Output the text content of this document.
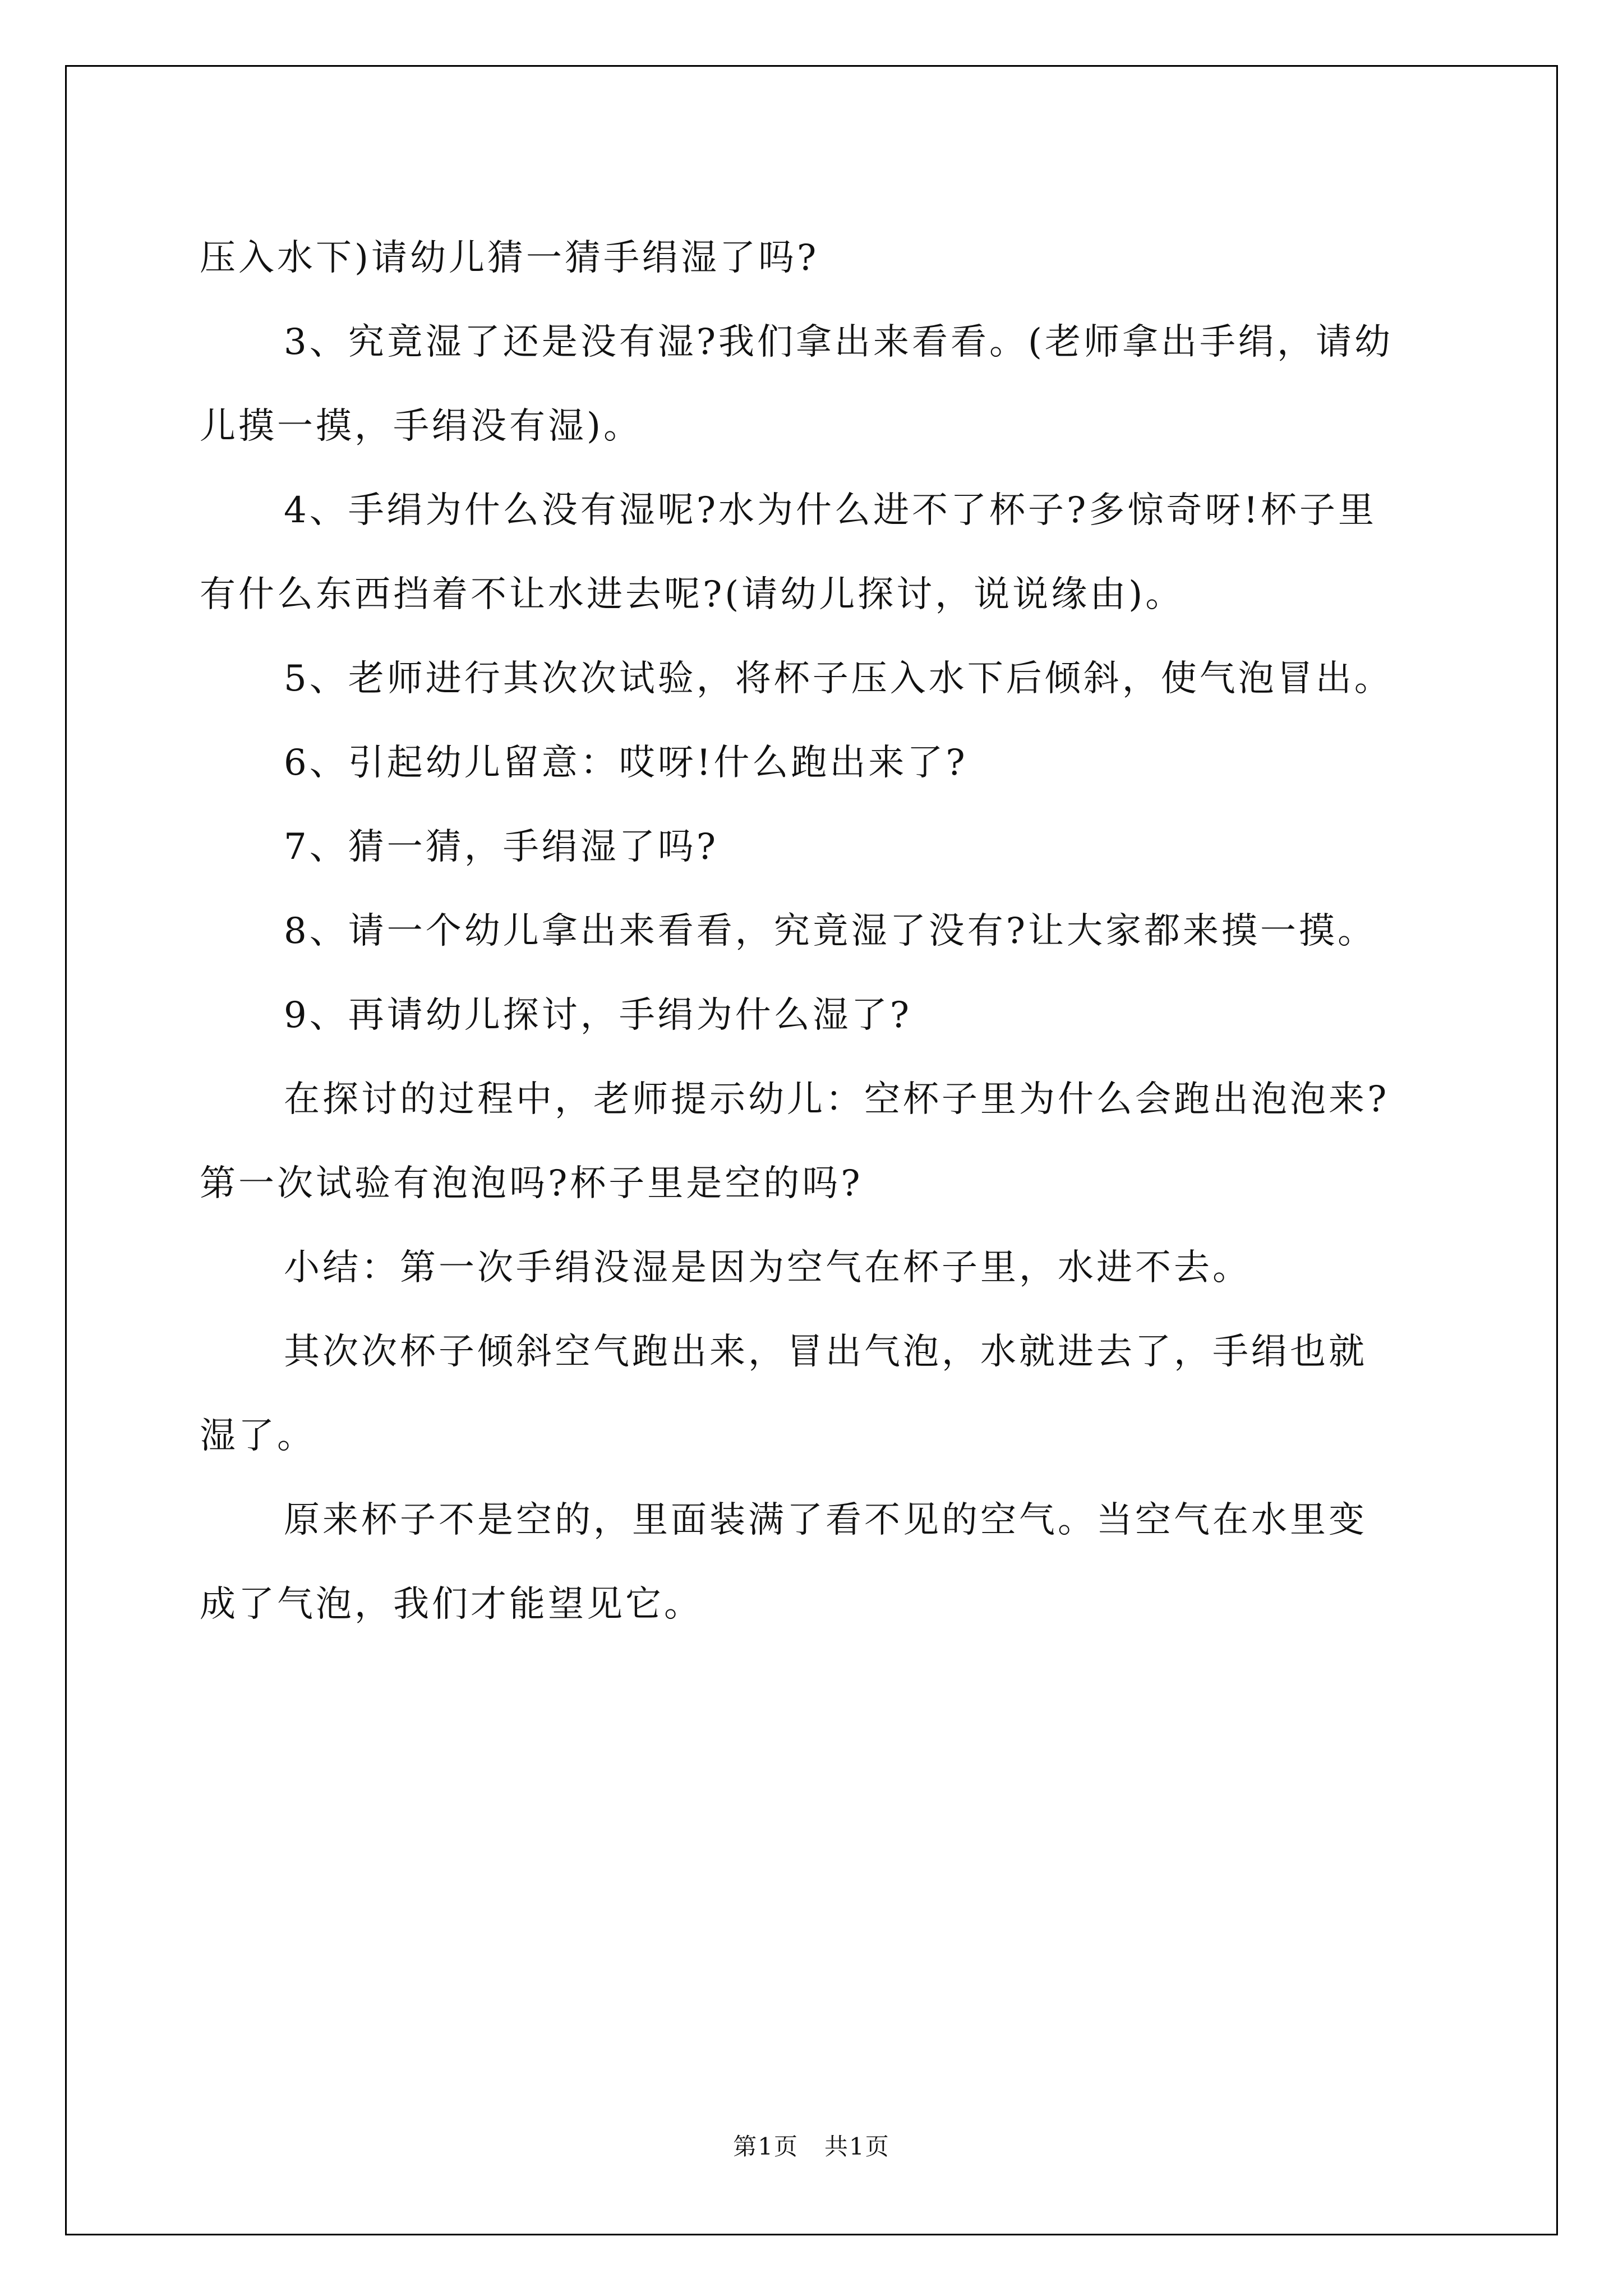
压入水下)请幼儿猜一猜手绢湿了吗?

3、究竟湿了还是没有湿?我们拿出来看看。(老师拿出手绢，请幼

儿摸一摸，手绢没有湿)。

4、手绢为什么没有湿呢?水为什么进不了杯子?多惊奇呀!杯子里

有什么东西挡着不让水进去呢?(请幼儿探讨，说说缘由)。

5、老师进行其次次试验，将杯子压入水下后倾斜，使气泡冒出。

6、引起幼儿留意：哎呀!什么跑出来了?

7、猜一猜，手绢湿了吗?

8、请一个幼儿拿出来看看，究竟湿了没有?让大家都来摸一摸。

9、再请幼儿探讨，手绢为什么湿了?

在探讨的过程中，老师提示幼儿：空杯子里为什么会跑出泡泡来?

第一次试验有泡泡吗?杯子里是空的吗?

小结：第一次手绢没湿是因为空气在杯子里，水进不去。

其次次杯子倾斜空气跑出来，冒出气泡，水就进去了，手绢也就

湿了。

原来杯子不是空的，里面装满了看不见的空气。当空气在水里变

成了气泡，我们才能望见它。

第1页   共1页
